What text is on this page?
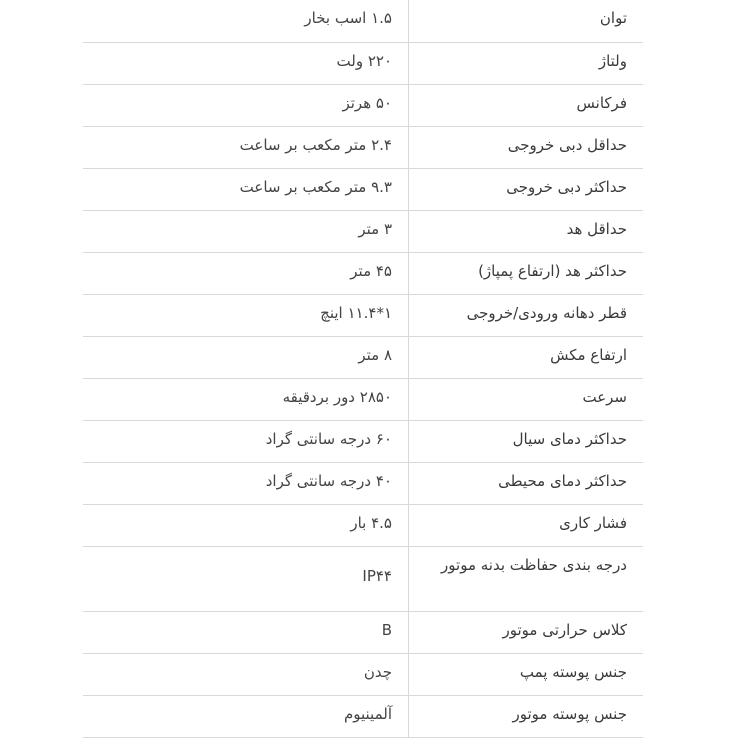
توان	۱.۵ اسب بخار
ولتاژ	۲۲۰ ولت
فرکانس	۵۰ هرتز
حداقل دبی خروجی	۲.۴ متر مکعب بر ساعت
حداکثر دبی خروجی	۹.۳ متر مکعب بر ساعت
حداقل هد	۳ متر
حداکثر هد (ارتفاع پمپاژ)	۴۵ متر
قطر دهانه ورودی/خروجی	۱*۱۱.۴ اینچ
ارتفاع مکش	۸ متر
سرعت	۲۸۵۰ دور بردقیقه
حداکثر دمای سیال	۶۰ درجه سانتی گراد
حداکثر دمای محیطی	۴۰ درجه سانتی گراد
فشار کاری	۴.۵ بار
درجه بندی حفاظت بدنه موتور	IP۴۴
کلاس حرارتی موتور	B
جنس پوسته پمپ	چدن
جنس پوسته موتور	آلمینیوم
